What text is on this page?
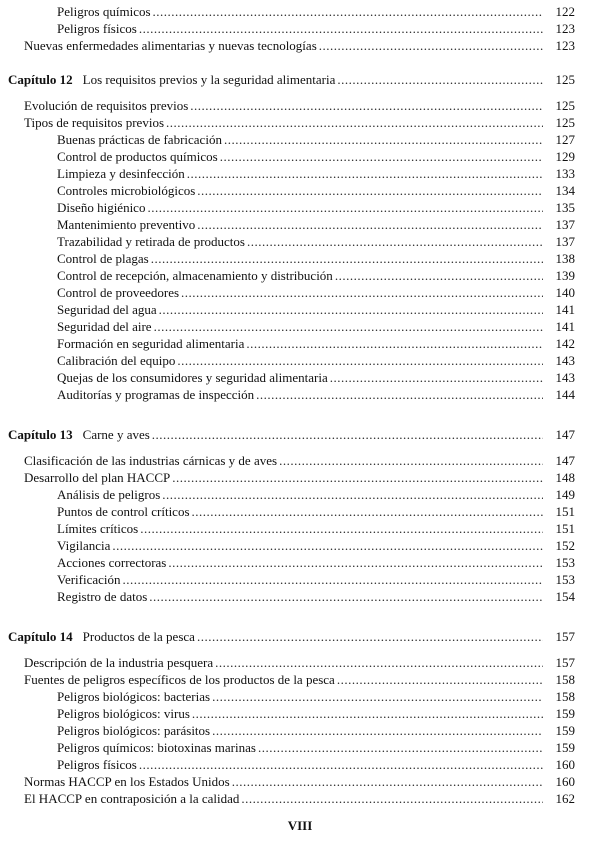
Peligros químicos .....	122
Peligros físicos .....	123
Nuevas enfermedades alimentarias y nuevas tecnologías .....	123
Capítulo 12 Los requisitos previos y la seguridad alimentaria .....	125
Evolución de requisitos previos .....	125
Tipos de requisitos previos .....	125
Buenas prácticas de fabricación .....	127
Control de productos químicos .....	129
Limpieza y desinfección .....	133
Controles microbiológicos .....	134
Diseño higiénico .....	135
Mantenimiento preventivo .....	137
Trazabilidad y retirada de productos .....	137
Control de plagas .....	138
Control de recepción, almacenamiento y distribución .....	139
Control de proveedores .....	140
Seguridad del agua .....	141
Seguridad del aire .....	141
Formación en seguridad alimentaria .....	142
Calibración del equipo .....	143
Quejas de los consumidores y seguridad alimentaria .....	143
Auditorías y programas de inspección .....	144
Capítulo 13 Carne y aves .....	147
Clasificación de las industrias cárnicas y de aves .....	147
Desarrollo del plan HACCP .....	148
Análisis de peligros .....	149
Puntos de control críticos .....	151
Límites críticos .....	151
Vigilancia .....	152
Acciones correctoras .....	153
Verificación .....	153
Registro de datos .....	154
Capítulo 14 Productos de la pesca .....	157
Descripción de la industria pesquera .....	157
Fuentes de peligros específicos de los productos de la pesca .....	158
Peligros biológicos: bacterias .....	158
Peligros biológicos: virus .....	159
Peligros biológicos: parásitos .....	159
Peligros químicos: biotoxinas marinas .....	159
Peligros físicos .....	160
Normas HACCP en los Estados Unidos .....	160
El HACCP en contraposición a la calidad .....	162
VIII
